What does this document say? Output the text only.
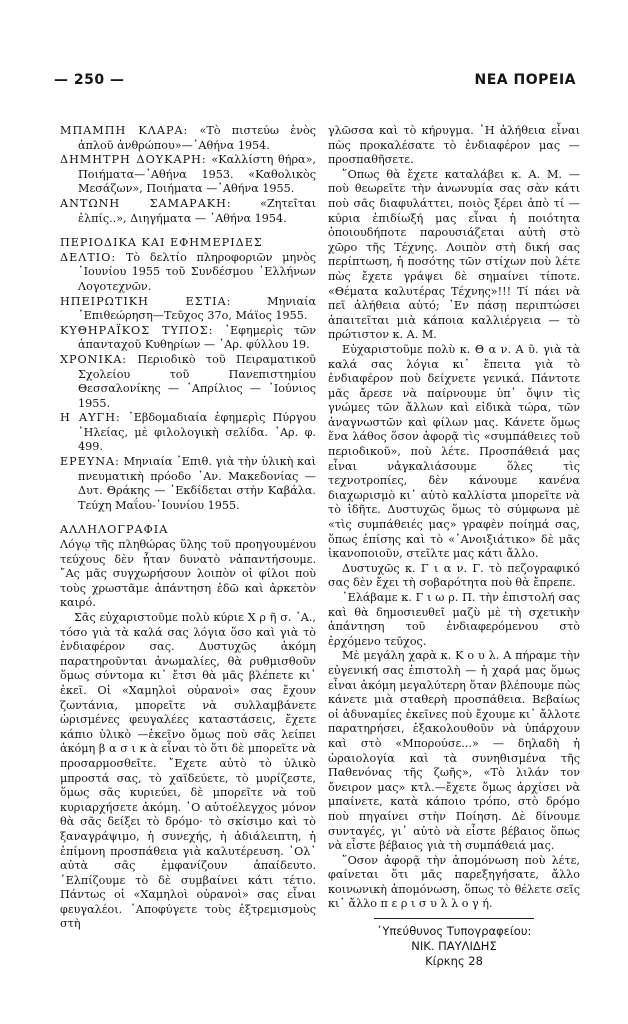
— 250 —	ΝΕΑ ΠΟΡΕΙΑ

ΜΠΑΜΠΗ ΚΛΑΡΑ: «Τὸ πιστεύω ἑνὸς ἁπλοῦ ἀνθρώπου»—᾽Αθήνα 1954.

ΔΗΜΗΤΡΗ ΔΟΥΚΑΡΗ: «Καλλίστη θήρα», Ποιήματα—᾽Αθήνα 1953. «Καθολικὸς Μεσάζων», Ποιήματα —᾽Αθήνα 1955.

ΑΝΤΩΝΗ ΣΑΜΑΡΑΚΗ:	«Ζητεῖται ἐλπίς..», Διηγήματα — ᾽Αθήνα 1954.

ΠΕΡΙΟΔΙΚΑ ΚΑΙ ΕΦΗΜΕΡΙΔΕΣ

ΔΕΛΤΙΟ: Τὸ δελτίο πληροφοριῶν μηνὸς ᾽Ιουνίου 1955 τοῦ Συνδέσμου ῾Ελλήνων Λογοτεχνῶν.

ΗΠΕΙΡΩΤΙΚΗ ΕΣΤΙΑ:	Μηνιαία ᾽Επιθεώρηση—Τεῦχος 37ο, Μάϊος 1955.

ΚΥΘΗΡΑΪΚΟΣ ΤΥΠΟΣ: ᾽Εφημερὶς τῶν ἁπανταχοῦ Κυθηρίων — ᾽Αρ. φύλλου 19.

ΧΡΟΝΙΚΑ: Περιοδικὸ τοῦ Πειραματικοῦ Σχολείου τοῦ Πανεπιστημίου Θεσσαλονίκης — ᾽Απρίλιος — ᾽Ιούνιος 1955.

Η ΑΥΓΗ: ῾Εβδομαδιαία ἐφημερὶς Πύργου ᾽Ηλείας, μὲ φιλολογικὴ σελίδα. ᾽Αρ. φ. 499.

ΕΡΕΥΝΑ: Μηνιαία ᾽Επιθ. γιὰ τὴν ὑλικὴ καὶ πνευματικὴ πρόοδο ᾽Αν. Μακεδονίας — Δυτ. Θράκης — ᾽Εκδίδεται στὴν Καβάλα. Τεύχη Μαΐου-᾽Ιουνίου 1955.

ΑΛΛΗΛΟΓΡΑΦΙΑ

Λόγῳ τῆς πληθώρας ὕλης τοῦ προηγουμένου τεύχους δὲν ἦταν δυνατὸ νἀπαντήσουμε. ῎Ας μᾶς συγχωρήσουν λοιπὸν οἱ φίλοι ποὺ τοὺς χρωστᾶμε ἀπάντηση ἐδῶ καὶ ἀρκετὸν καιρό.

Σᾶς εὐχαριστοῦμε πολὺ κύριε Χ ρ ῆ σ. ᾽Α., τόσο γιὰ τὰ καλά σας λόγια ὅσο καὶ γιὰ τὸ ἐνδιαφέρον σας. Δυστυχῶς ἀκόμη παρατηροῦνται ἀνωμαλίες, θὰ ρυθμισθοῦν ὅμως σύντομα κι᾽ ἔτσι θὰ μᾶς βλέπετε κι᾽ ἐκεῖ. Οἱ «Χαμηλοὶ οὐρανοὶ» σας ἔχουν ζωντάνια, μπορεῖτε νὰ συλλαμβάνετε ὡρισμένες φευγαλέες καταστάσεις, ἔχετε κάπιο ὑλικὸ —ἐκεῖνο ὅμως ποὺ σᾶς λείπει ἀκόμη β α σ ι κ ὰ εἶναι τὸ ὅτι δὲ μπορεῖτε νὰ προσαρμοσθεῖτε. ῎Εχετε αὐτὸ τὸ ὑλικὸ μπροστά σας, τὸ χαϊδεύετε, τὸ μυρίζεστε, ὅμως σᾶς κυριεύει, δὲ μπορεῖτε νὰ τοῦ κυριαρχήσετε ἀκόμη. ᾽Ο αὐτοέλεγχος μόνον θὰ σᾶς δείξει τὸ δρόμο· τὸ σκίσιμο καὶ τὸ ξαναγράψιμο, ἡ συνεχής, ἡ ἀδιάλειπτη, ἡ ἐπίμονη προσπάθεια γιὰ καλυτέρευση. ᾽Ολ᾽ αὐτὰ σᾶς ἐμφανίζουν ἀπαίδευτο. ᾽Ελπίζουμε τὸ δὲ συμβαίνει κάτι τέτιο. Πάντως οἱ «Χαμηλοὶ οὐρανοὶ» σας εἶναι φευγαλέοι. ᾽Αποφύγετε τοὺς ἐξτρεμισμοὺς στὴ

γλῶσσα καὶ τὸ κήρυγμα. ῾Η ἀλήθεια εἶναι πὼς προκαλέσατε τὸ ἐνδιαφέρον μας —προσπαθῆσετε.

῞Οπως θὰ ἔχετε καταλάβει κ. Α. Μ. — ποὺ θεωρεῖτε τὴν ἀνωνυμία σας σὰν κάτι ποὺ σᾶς διαφυλάττει, ποιὸς ξέρει ἀπὸ τί — κύρια ἐπιδίωξή μας εἶναι ἡ ποιότητα ὁποιουδήποτε παρουσιάζεται αὐτὴ στὸ χῶρο τῆς Τέχνης. Λοιπὸν στὴ δική σας περίπτωση, ἡ ποσότης τῶν στίχων ποὺ λέτε πὼς ἔχετε γράψει δὲ σημαίνει τίποτε. «Θέματα καλυτέρας Τέχνης»!!! Τί πάει νὰ πεῖ ἀλήθεια αὐτό; ᾽Εν πάσῃ περιπτώσει ἀπαιτεῖται μιὰ κάποια καλλιέργεια — τὸ πρώτιστον κ. Α. Μ.

Εὐχαριστοῦμε πολὺ κ. Θ α ν. Α ῦ. γιὰ τὰ καλά σας λόγια κι᾽ ἔπειτα γιὰ τὸ ἐνδιαφέρον ποὺ δείχνετε γενικά. Πάντοτε μᾶς ἄρεσε νὰ παίρνουμε ὑπ᾽ ὄψιν τὶς γνώμες τῶν ἄλλων καὶ εἰδικὰ τώρα, τῶν ἀναγνωστῶν καὶ φίλων μας. Κάνετε ὅμως ἕνα λάθος ὅσον ἀφορᾷ τὶς «συμπάθειες τοῦ περιοδικοῦ», ποὺ λέτε. Προσπάθειά μας εἶναι νἀγκαλιάσουμε ὅλες τὶς τεχνοτροπίες, δὲν κάνουμε κανένα διαχωρισμὸ κι᾽ αὐτὸ καλλίστα μπορεῖτε νὰ τὸ ἰδῆτε. Δυστυχῶς ὅμως τὸ σύμφωνα μὲ «τὶς συμπάθειές μας» γραφὲν ποίημά σας, ὅπως ἐπίσης καὶ τὸ «᾽Ανοιξιάτικο» δὲ μᾶς ἱκανοποιοῦν, στεῖλτε μας κάτι ἄλλο.

Δυστυχῶς κ. Γ ι α ν. Γ. τὸ πεζογραφικό σας δὲν ἔχει τὴ σοβαρότητα ποὺ θὰ ἔπρεπε.

᾽Ελάβαμε κ. Γ ι ω ρ. Π. τὴν ἐπιστολή σας καὶ θὰ δημοσιευθεῖ μαζὺ μὲ τὴ σχετικὴν ἀπάντηση τοῦ ἐνδιαφερόμενου στὸ ἐρχόμενο τεῦχος.

Μὲ μεγάλη χαρὰ κ. Κ ο υ λ. Α πήραμε τὴν εὐγενική σας ἐπιστολὴ — ἡ χαρά μας ὅμως εἶναι ἀκόμη μεγαλύτερη ὅταν βλέπουμε πὼς κάνετε μιὰ σταθερὴ προσπάθεια. Βεβαίως οἱ ἀδυναμίες ἐκεῖνες ποὺ ἔχουμε κι᾽ ἄλλοτε παρατηρήσει, ἐξακολουθοῦν νὰ ὑπάρχουν καὶ στὸ «Μπορούσε...» — δηλαδὴ ἡ ὡραιολογία καὶ τὰ συνηθισμένα τῆς Παθενόνας τῆς ζωῆς», «Τὸ λιλάν τον ὄνειρον μας» κτλ.—ἔχετε ὅμως ἀρχίσει νὰ μπαίνετε, κατὰ κάποιο τρόπο, στὸ δρόμο ποὺ πηγαίνει στὴν Ποίηση. Δὲ δίνουμε συνταγές, γι᾽ αὐτὸ νὰ εἶστε βέβαιος ὅπως νὰ εἶστε βέβαιος γιὰ τὴ συμπάθειά μας.

῞Οσον ἀφορᾷ τὴν ἀπομόνωση ποὺ λέτε, φαίνεται ὅτι μᾶς παρεξηγήσατε, ἄλλο κοινωνικὴ ἀπομόνωση, ὅπως τὸ θέλετε σεῖς κι᾽ ἄλλο π ε ρ ι σ υ λ λ ο γ ή.

᾽Υπεύθυνος Τυπογραφείου:
ΝΙΚ. ΠΑΥΛΙΔΗΣ
Κίρκης 28
